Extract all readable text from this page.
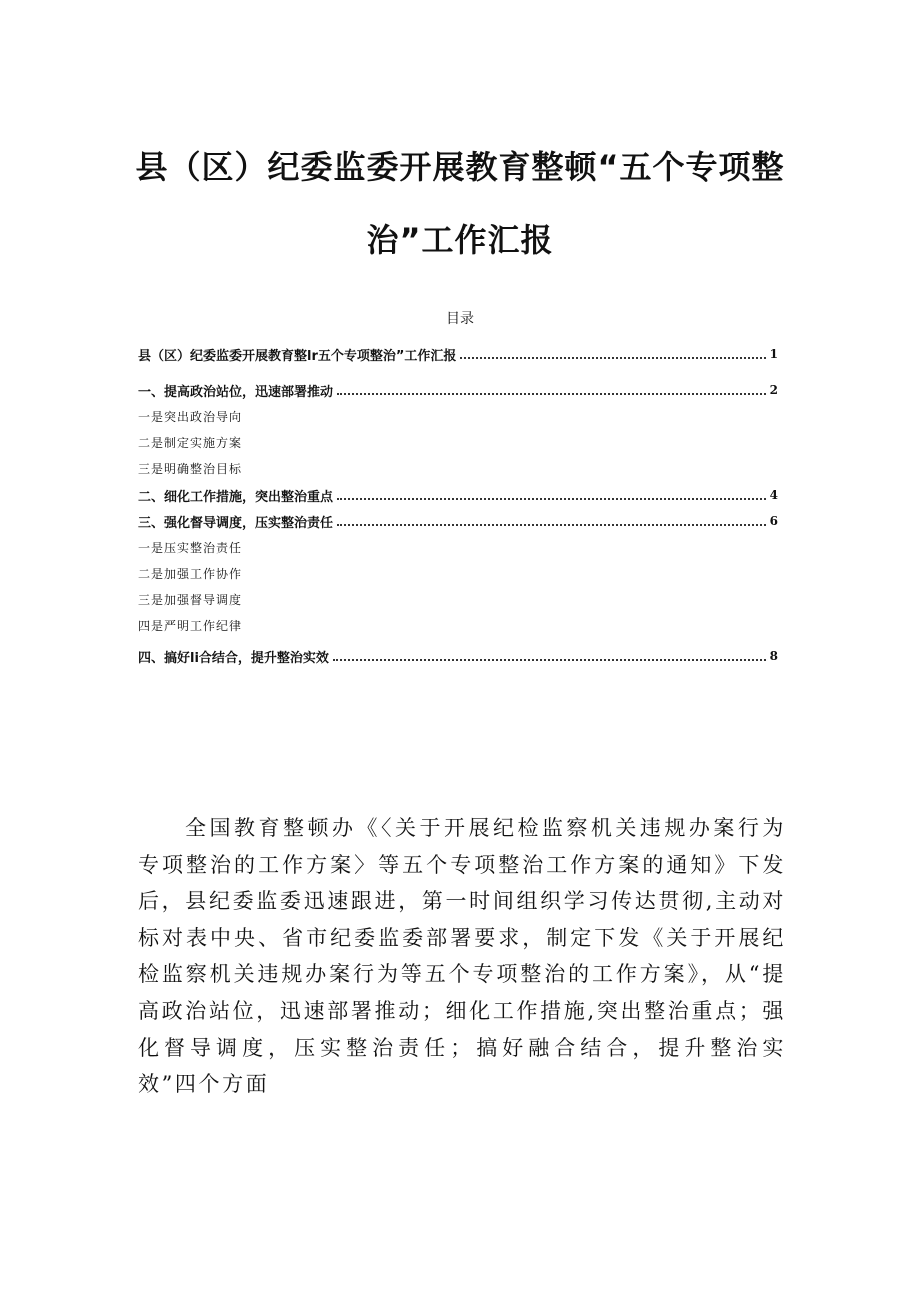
县（区）纪委监委开展教育整顿“五个专项整
治”工作汇报
目录
县（区）纪委监委开展教育整lr五个专项整治”工作汇报	1
一、提高政治站位，迅速部署推动	2
一是突出政治导向
二是制定实施方案
三是明确整治目标
二、细化工作措施，突出整治重点	4
三、强化督导调度，压实整治责任	6
一是压实整治责任
二是加强工作协作
三是加强督导调度
四是严明工作纪律
四、搞好li合结合，提升整治实效	8

全国教育整顿办《〈关于开展纪检监察机关违规办案行为专项整治的工作方案〉等五个专项整治工作方案的通知》下发后，县纪委监委迅速跟进，第一时间组织学习传达贯彻,主动对标对表中央、省市纪委监委部署要求，制定下发《关于开展纪检监察机关违规办案行为等五个专项整治的工作方案》，从“提高政治站位，迅速部署推动；细化工作措施,突出整治重点；强化督导调度，压实整治责任；搞好融合结合，提升整治实效”四个方面
